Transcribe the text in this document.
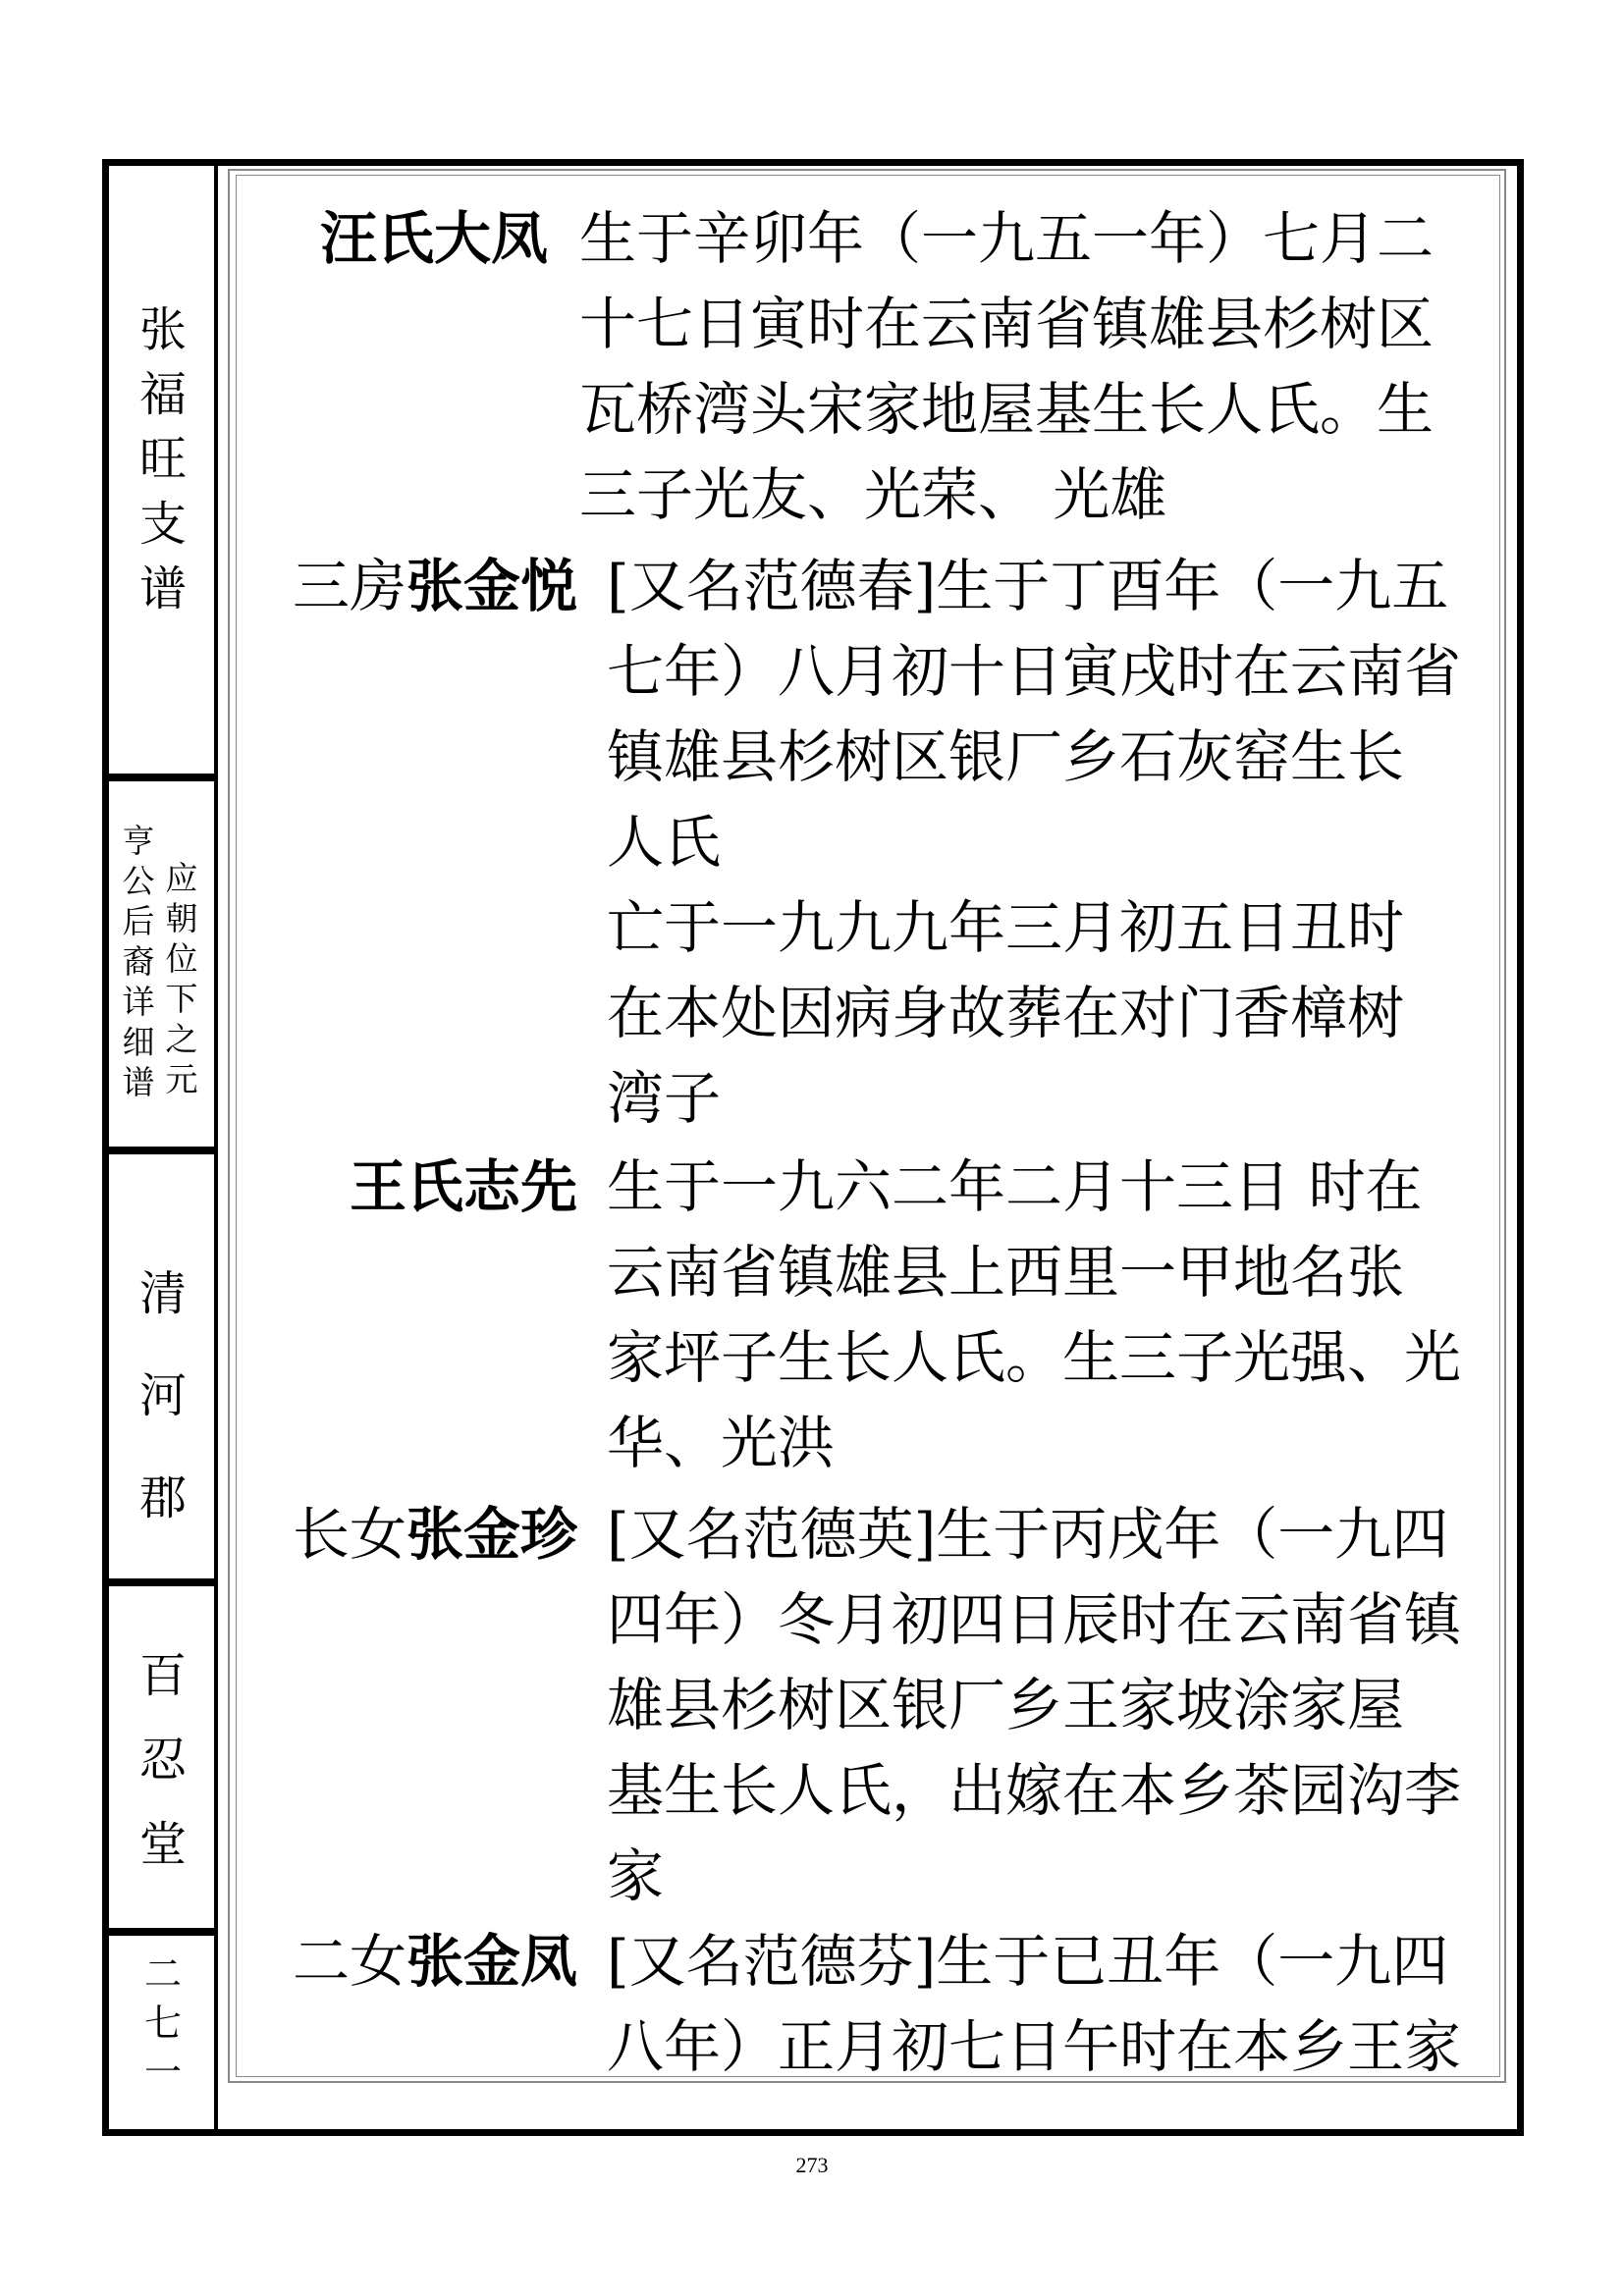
张
福
旺
支
谱
应
朝
位
下
之
元
亨
公
后
裔
详
细
谱
清
河
郡
百
忍
堂
二
七
一
汪氏大凤 生于辛卯年（一九五一年）七月二
十七日寅时在云南省镇雄县杉树区
瓦桥湾头宋家地屋基生长人氏。生
三子光友、光荣、 光雄
三房张金悦 [又名范德春]生于丁酉年（一九五
七年）八月初十日寅戌时在云南省
镇雄县杉树区银厂乡石灰窑生长
人氏
亡于一九九九年三月初五日丑时
在本处因病身故葬在对门香樟树
湾子
王氏志先 生于一九六二年二月十三日 时在
云南省镇雄县上西里一甲地名张
家坪子生长人氏。生三子光强、光
华、光洪
长女张金珍 [又名范德英]生于丙戌年（一九四
四年）冬月初四日辰时在云南省镇
雄县杉树区银厂乡王家坡涂家屋
基生长人氏，出嫁在本乡茶园沟李
家
二女张金凤 [又名范德芬]生于已丑年（一九四
八年）正月初七日午时在本乡王家
273
